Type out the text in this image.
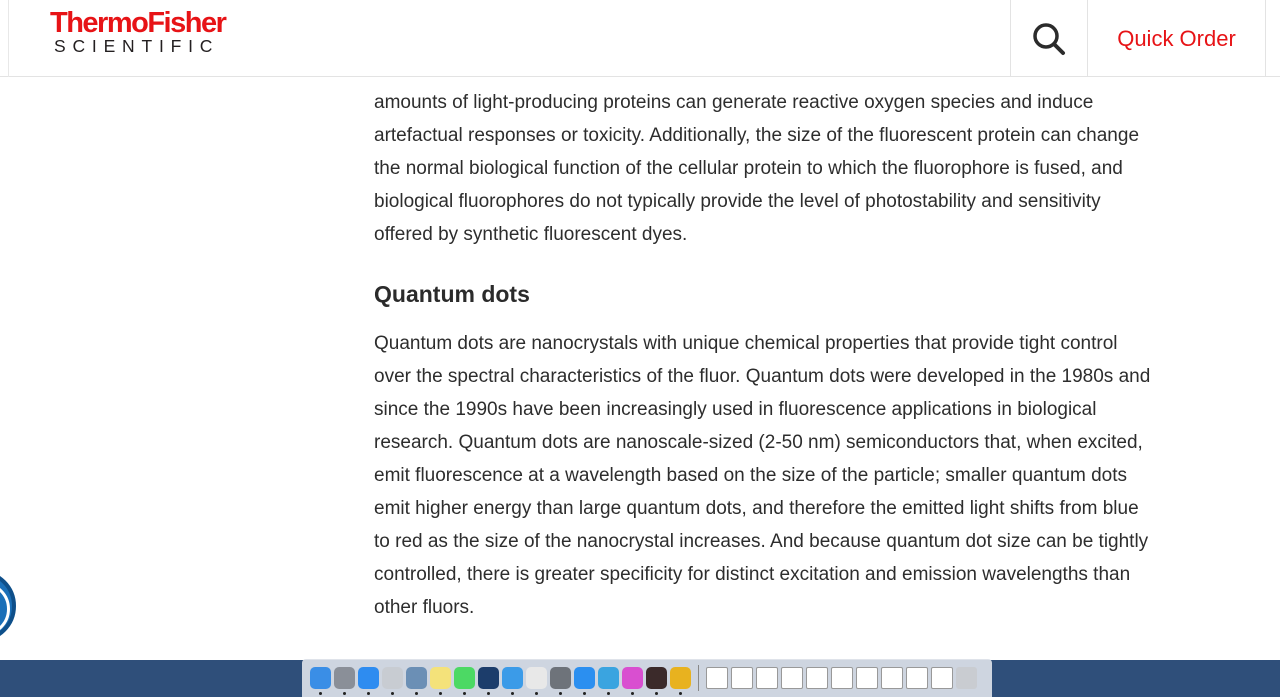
ThermoFisher
SCIENTIFIC	Quick Order
amounts of light-producing proteins can generate reactive oxygen species and induce
artefactual responses or toxicity. Additionally, the size of the fluorescent protein can change
the normal biological function of the cellular protein to which the fluorophore is fused, and
biological fluorophores do not typically provide the level of photostability and sensitivity
offered by synthetic fluorescent dyes.
Quantum dots
Quantum dots are nanocrystals with unique chemical properties that provide tight control
over the spectral characteristics of the fluor. Quantum dots were developed in the 1980s and
since the 1990s have been increasingly used in fluorescence applications in biological
research. Quantum dots are nanoscale-sized (2-50 nm) semiconductors that, when excited,
emit fluorescence at a wavelength based on the size of the particle; smaller quantum dots
emit higher energy than large quantum dots, and therefore the emitted light shifts from blue
to red as the size of the nanocrystal increases. And because quantum dot size can be tightly
controlled, there is greater specificity for distinct excitation and emission wavelengths than
other fluors.
